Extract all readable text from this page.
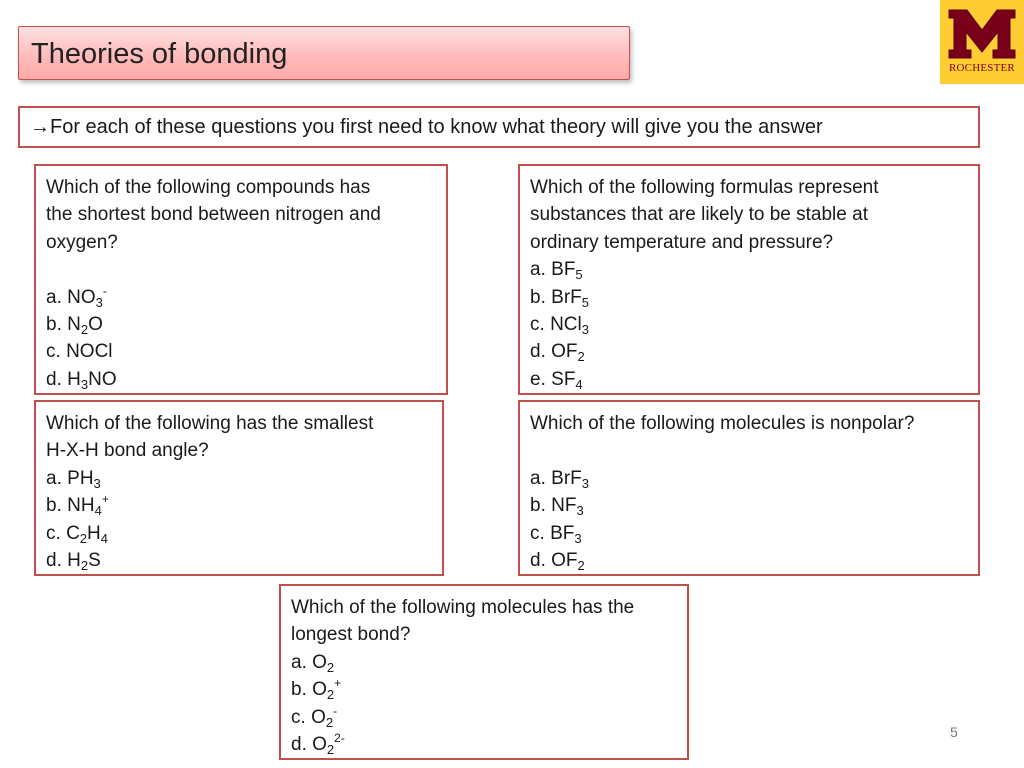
Theories of bonding	ROCHESTER
→For each of these questions you first need to know what theory will give you the answer

Which of the following compounds has

the shortest bond between nitrogen and

oxygen?

a. $NO_3^-$

b. $N_2O$

c. NOCl

d. $H_3NO$

Which of the following formulas represent

substances that are likely to be stable at

ordinary temperature and pressure?

a. $BF_5$

b. BrF$_5$

c. NCl$_3$

d. $OF_2$

e. $SF_4$

Which of the following has the smallest

H-X-H bond angle?

a. $PH_3$

b. $NH_4^+$

c. $C_2H_4$

d. $H_2S$

Which of the following molecules is nonpolar?

a. BrF$_3$

b. $NF_3$

c. $BF_3$

d. $OF_2$

Which of the following molecules has the

longest bond?

a. $O_2$

b. $O_2^+$

c. $O_2^-$

d. $O_2^{2-}$	5
